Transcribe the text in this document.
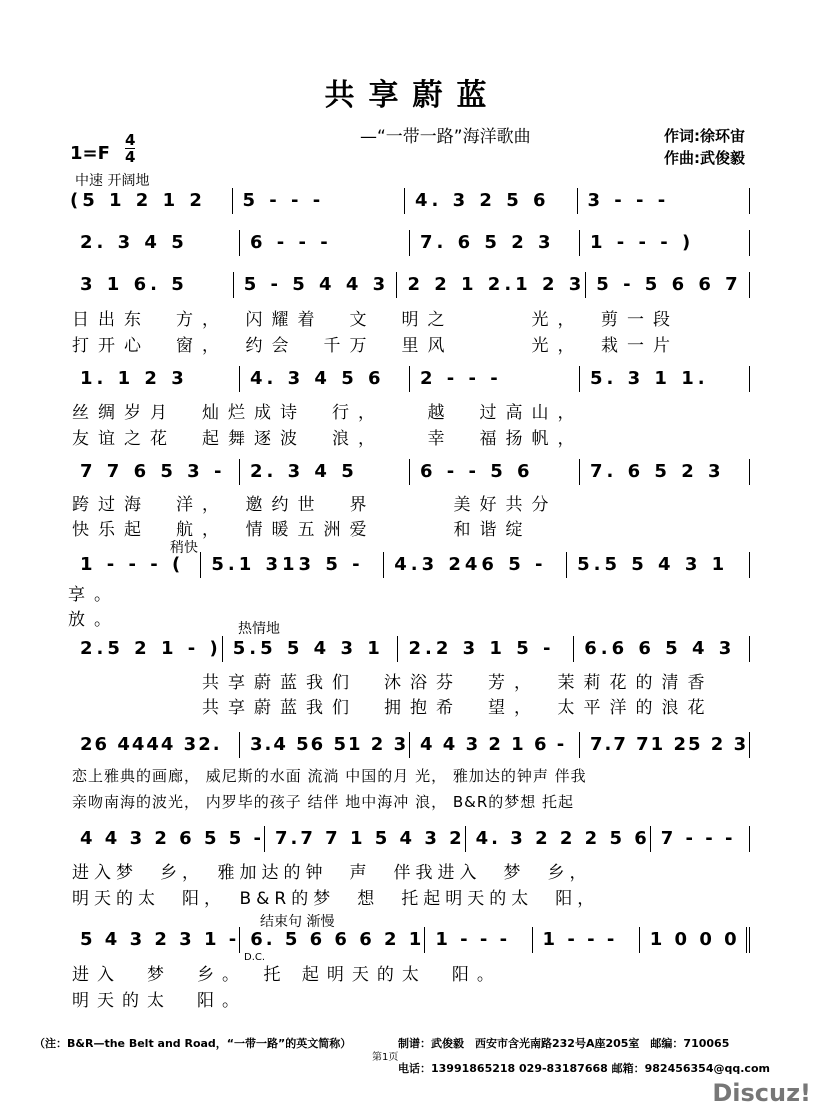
共享蔚蓝
—“一带一路”海洋歌曲
1=F
4
4
作词:徐环宙
作曲:武俊毅
中速 开阔地
稍快
热情地
结束句 渐慢
D.C.
(5 1 2 1 2	5 - - -	4. 3 2 5 6	3 - - -
2. 3 4 5	6 - - -	7. 6 5 2 3	1 - - - )
3 1 6. 5	5 - 5 4 4 3	2 2 1 2.1 2 3 5 - 5 6 6 7
日出东　方，　闪耀着　文　明之　　　光，　剪一段
打开心　窗，　约会　千万　里风　　　光，　栽一片
1. 1 2 3	4. 3 4 5 6	2 - - -	5. 3 1 1.
丝绸岁月　灿烂成诗　行，　　越　过高山，
友谊之花　起舞逐波　浪，　　幸　福扬帆，
7 7 6 5 3 -	2. 3 4 5	6 - - 5 6	7. 6 5 2 3
跨过海　洋，　邀约世　界　　　美好共分
快乐起　航，　情暖五洲爱　　　和谐绽
1 - - - (	5.1 313 5 -	4.3 246 5 -	5.5 5 4 3 1
享。
放。
2.5 2 1 - ) 5.5 5 4 3 1	2.2 3 1 5 -	6.6 6 5 4 3
　　　　　共享蔚蓝我们　沐浴芬　芳，　茉莉花的清香
　　　　　共享蔚蓝我们　拥抱希　望，　太平洋的浪花
26 4444 32.	3.4 56 51 2 3 4 4 3 2 1 6 -	7.7 71 25 2 3
恋上雅典的画廊， 威尼斯的水面 流淌 中国的月 光， 雅加达的钟声 伴我
亲吻南海的波光， 内罗毕的孩子 结伴 地中海冲 浪， B&R的梦想 托起
4 4 3 2 6 5 5 - 7.7 7 1 5 4 3 2 4. 3 2 2 2 5 6 7 - - -
进入梦　乡，　雅加达的钟　声　伴我进入　梦　乡，
明天的太　阳，　B&R的梦　想　托起明天的太　阳，
5 4 3 2 3 1 - 6. 5 6 6 6 2 1 1 - - -	1 - - -	1 0 0 0
进入　梦　乡。　托 起明天的太　阳。
明天的太　阳。
（注：B&R—the Belt and Road，“一带一路”的英文简称）	制谱：武俊毅　西安市含光南路232号A座205室　邮编：710065
第1页
电话：13991865218 029-83187668 邮箱：982456354@qq.com
Discuz!
